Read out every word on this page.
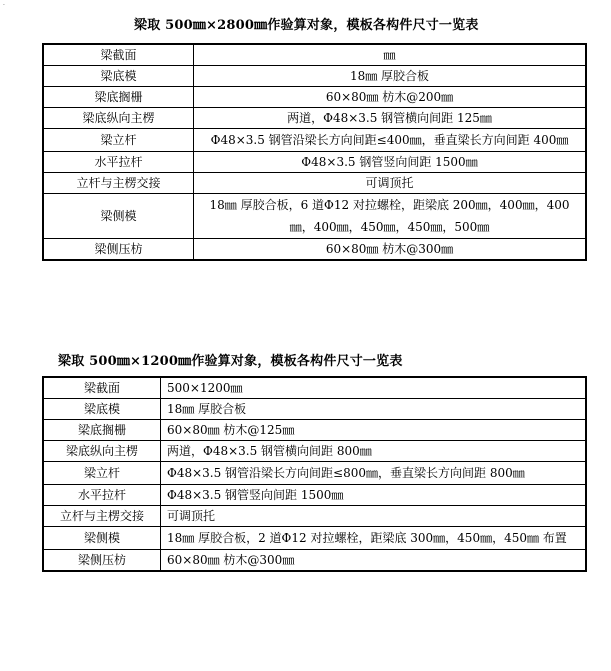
·
梁取 500㎜×2800㎜作验算对象，模板各构件尺寸一览表
梁截面	㎜
梁底模	18㎜ 厚胶合板
梁底搁栅	60×80㎜ 枋木@200㎜
梁底纵向主楞	两道，Φ48×3.5 钢管横向间距 125㎜
梁立杆	Φ48×3.5 钢管沿梁长方向间距≤400㎜，垂直梁长方向间距 400㎜
水平拉杆	Φ48×3.5 钢管竖向间距 1500㎜
立杆与主楞交接	可调顶托
梁侧模	18㎜ 厚胶合板，6 道Φ12 对拉螺栓，距梁底 200㎜，400㎜，400㎜，400㎜，450㎜，450㎜，500㎜
梁侧压枋	60×80㎜ 枋木@300㎜
梁取 500㎜×1200㎜作验算对象，模板各构件尺寸一览表
梁截面	500×1200㎜
梁底模	18㎜ 厚胶合板
梁底搁栅	60×80㎜ 枋木@125㎜
梁底纵向主楞	两道，Φ48×3.5 钢管横向间距 800㎜
梁立杆	Φ48×3.5 钢管沿梁长方向间距≤800㎜，垂直梁长方向间距 800㎜
水平拉杆	Φ48×3.5 钢管竖向间距 1500㎜
立杆与主楞交接	可调顶托
梁侧模	18㎜ 厚胶合板，2 道Φ12 对拉螺栓，距梁底 300㎜，450㎜，450㎜ 布置
梁侧压枋	60×80㎜ 枋木@300㎜
